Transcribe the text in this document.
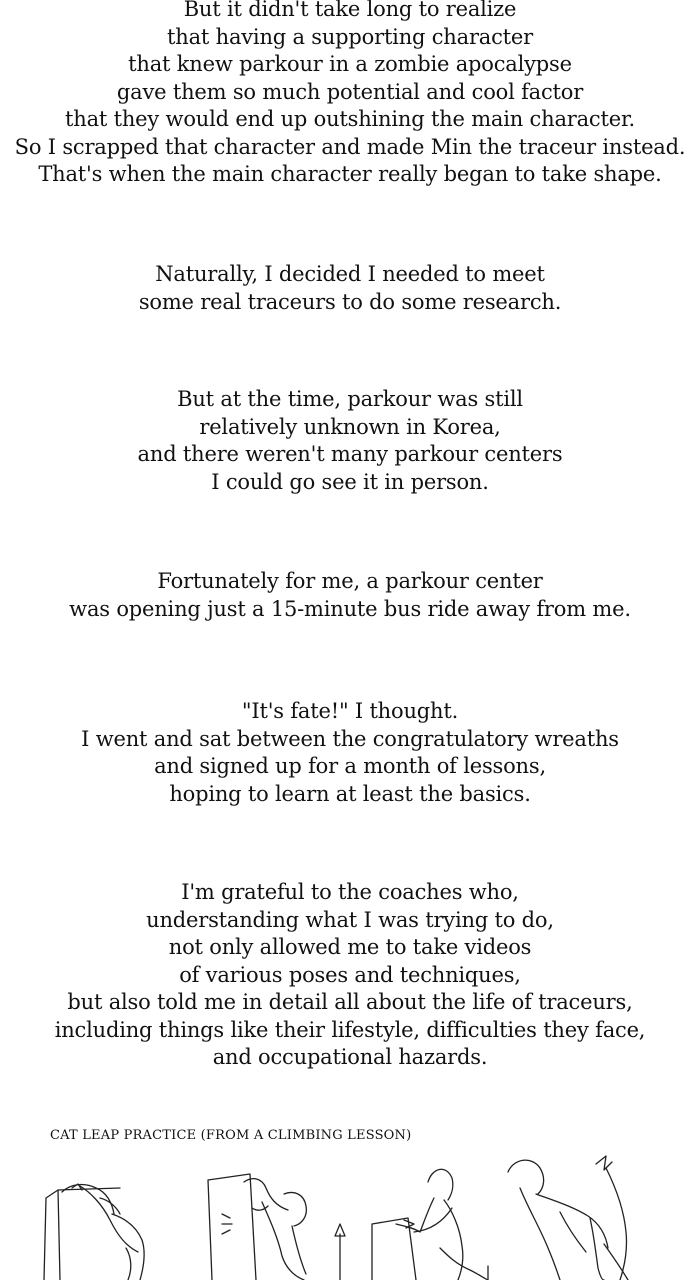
But it didn't take long to realize
that having a supporting character
that knew parkour in a zombie apocalypse
gave them so much potential and cool factor
that they would end up outshining the main character.
So I scrapped that character and made Min the traceur instead.
That's when the main character really began to take shape.
Naturally, I decided I needed to meet
some real traceurs to do some research.
But at the time, parkour was still
relatively unknown in Korea,
and there weren't many parkour centers
I could go see it in person.
Fortunately for me, a parkour center
was opening just a 15-minute bus ride away from me.
"It's fate!" I thought.
I went and sat between the congratulatory wreaths
and signed up for a month of lessons,
hoping to learn at least the basics.
I'm grateful to the coaches who,
understanding what I was trying to do,
not only allowed me to take videos
of various poses and techniques,
but also told me in detail all about the life of traceurs,
including things like their lifestyle, difficulties they face,
and occupational hazards.
CAT LEAP PRACTICE (FROM A CLIMBING LESSON)
